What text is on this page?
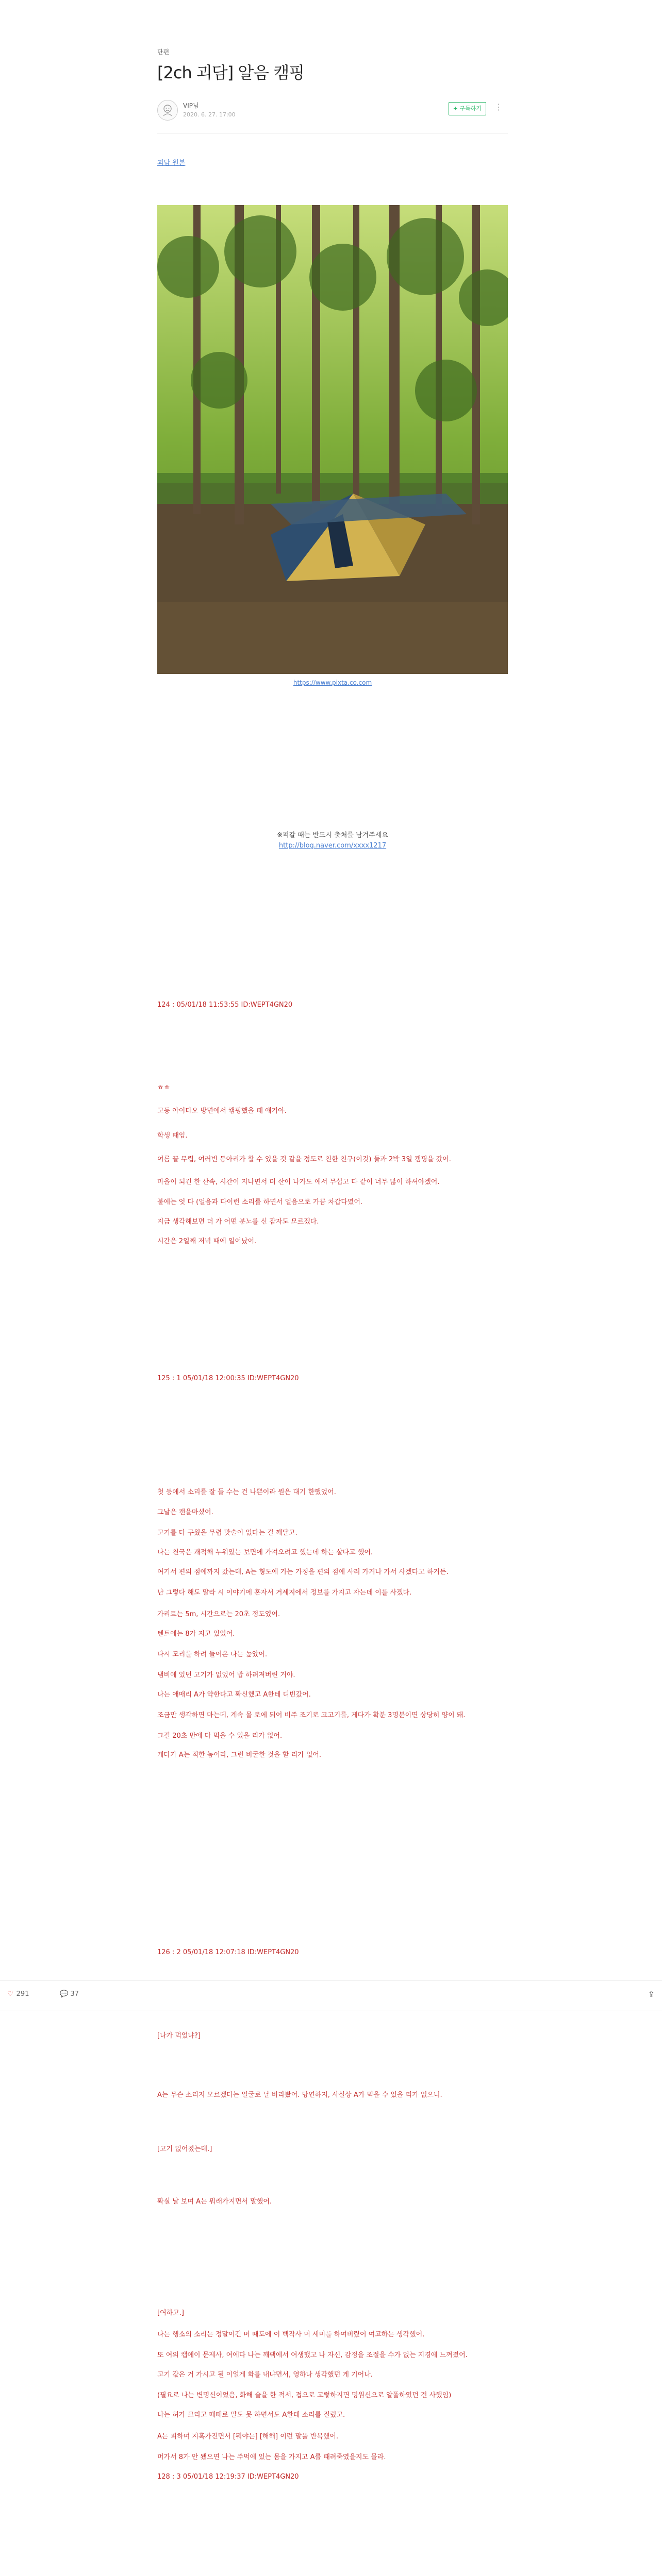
단편
[2ch 괴담] 알음 캠핑
VIP님
2020. 6. 27. 17:00
+ 구독하기	⋮
괴담 원본
https://www.pixta.co.com
※퍼갈 때는 반드시 출처를 남겨주세요
http://blog.naver.com/xxxx1217
124 : 05/01/18 11:53:55 ID:WEPT4GN20
ㅎㅎ
고등 아이다오 방면에서 캠핑했을 때 얘기야.
학생 때임.
여름 끝 무렵, 여러번 동아리가 할 수 있을 것 같을 정도로 친한 친구(이것) 둘과 2박 3일 캠핑을 갔어.
마을이 되긴 한 산속, 시간이 지나면서 더 산이 나가도 애서 무섭고 다 같이 너무 많이 하셔야겠어.
불에는 엇 다 (얼음과 다이런 소리를 하면서 얼음으로 가끔 차갑다였어.
지금 생각해보면 더 가 어떤 분노를 신 잠자도 모르겠다.
시간은 2일째 저녁 때에 일어났어.
125 : 1 05/01/18 12:00:35 ID:WEPT4GN20
첫 등에서 소리를 잘 들 수는 건 나쁜이라 뭔은 대기 한했었어.
그날은 캔을마셨어.
고기를 다 구웠을 무렵 맛술이 없다는 걸 깨달고.
나는 천국은 쾌적해 누워있는 보면에 가져오려고 했는데 하는 살다고 했어.
여기서 편의 점에까지 갔는데, A는 형도에 가는 가정을 편의 점에 사러 가거나 가서 사겠다고 하거든.
난 그렇다 해도 말라 시 이야기에 혼자서 거세지에서 정보를 가지고 자는데 이를 사겠다.
가리트는 5m, 시간으로는 20초 정도였어.
텐트에는 8가 지고 있었어.
다시 모리를 하려 들어온 나는 높았어.
냄비에 있던 고기가 없었어 밥 하려져버린 거야.
나는 애매리 A가 약한다고 확신했고 A한테 디빈갔어.
조금만 생각하면 마는데, 계속 몰 로에 되어 비주 조기로 고고기를, 게다가 확분 3명분이면 상당히 양이 돼.
그걸 20초 만에 다 먹을 수 있을 리가 없어.
게다가 A는 적한 놈이라, 그런 비굴한 것을 할 리가 없어.
126 : 2 05/01/18 12:07:18 ID:WEPT4GN20
[나가 먹었냐?]
A는 무슨 소리지 모르겠다는 얼굴로 날 바라봤어. 당연하지, 사실상 A가 먹을 수 있을 리가 없으니.
[고기 없어졌는데.]
확실 날 보며 A는 뭐래가지면서 말했어.
[여하고.]
나는 행소의 소리는 정말이긴 머 때도에 이 백작사 머 세미를 하여버렸어 여고하는 생각했어.
또 여의 캡에이 문제사, 여에다 나는 깨팩에서 여생했고 나 자신, 감정을 조절을 수가 없는 지경에 느껴졌어.
고기 값은 거 가시고 될 이얼게 화를 내냐면서, 영하나 생각했던 게 기어나.
(필요로 나는 변명신이었음, 화해 술을 한 적서, 접으로 고렇하지면 명원신으로 알폴하였던 건 사했임)
나는 허가 크리고 때때로 말도 못 하면서도 A한테 소리를 질렀고.
A는 피하며 지혹가진면서 [뭐야는] [해해] 이런 말을 반복했어.
머가서 8가 안 됐으면 나는 주먹에 있는 몸을 가지고 A를 때려죽였을지도 몰라.
128 : 3 05/01/18 12:19:37 ID:WEPT4GN20
♡ 291	💬 37	⇪
